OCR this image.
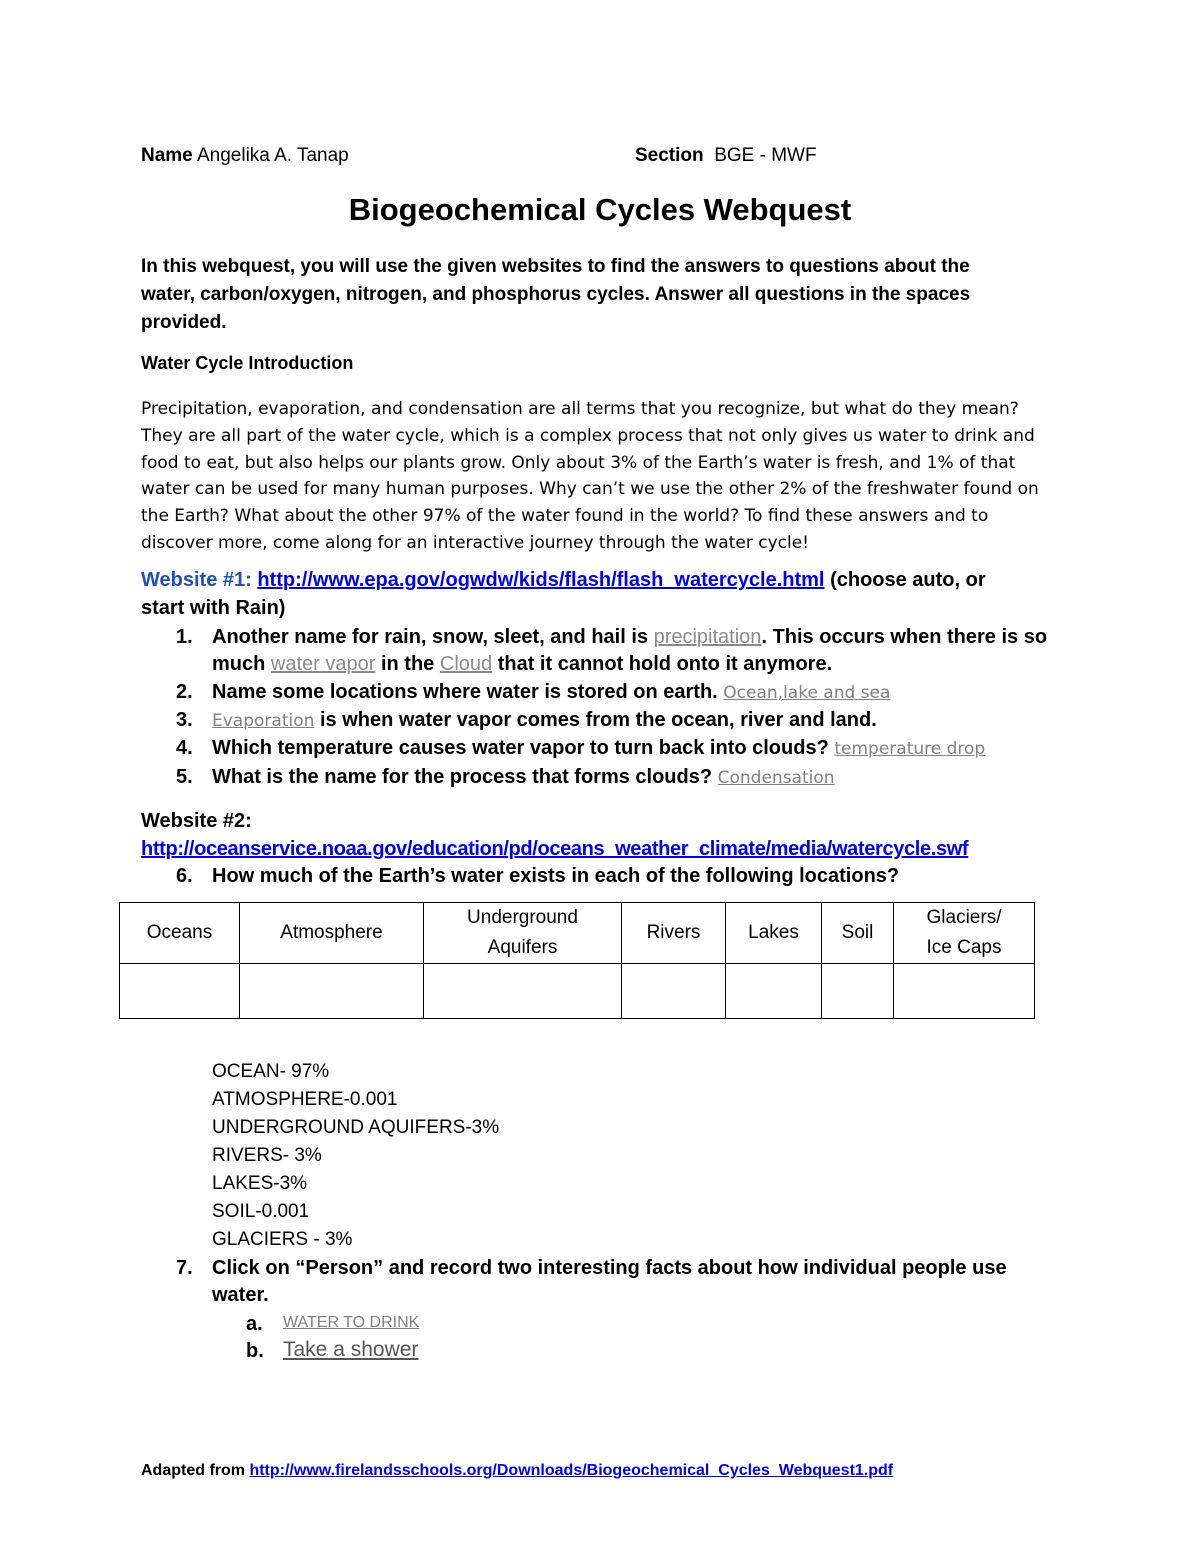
Name Angelika A. Tanap	Section BGE - MWF
Biogeochemical Cycles Webquest
In this webquest, you will use the given websites to find the answers to questions about the
water, carbon/oxygen, nitrogen, and phosphorus cycles. Answer all questions in the spaces
provided.
Water Cycle Introduction
Precipitation, evaporation, and condensation are all terms that you recognize, but what do they mean?
They are all part of the water cycle, which is a complex process that not only gives us water to drink and
food to eat, but also helps our plants grow. Only about 3% of the Earth’s water is fresh, and 1% of that
water can be used for many human purposes. Why can’t we use the other 2% of the freshwater found on
the Earth? What about the other 97% of the water found in the world? To find these answers and to
discover more, come along for an interactive journey through the water cycle!
Website #1: http://www.epa.gov/ogwdw/kids/flash/flash_watercycle.html (choose auto, or
start with Rain)
1. Another name for rain, snow, sleet, and hail is precipitation. This occurs when there is so
much water vapor in the Cloud that it cannot hold onto it anymore.
2. Name some locations where water is stored on earth. Ocean,lake and sea
3. Evaporation is when water vapor comes from the ocean, river and land.
4. Which temperature causes water vapor to turn back into clouds? temperature drop
5. What is the name for the process that forms clouds? Condensation
Website #2:
http://oceanservice.noaa.gov/education/pd/oceans_weather_climate/media/watercycle.swf
6. How much of the Earth’s water exists in each of the following locations?
Oceans	Atmosphere	Underground Aquifers	Rivers	Lakes	Soil	Glaciers/ Ice Caps

OCEAN- 97%
ATMOSPHERE-0.001
UNDERGROUND AQUIFERS-3%
RIVERS- 3%
LAKES-3%
SOIL-0.001
GLACIERS - 3%
7. Click on “Person” and record two interesting facts about how individual people use
water.
a. WATER TO DRINK
b. Take a shower
Adapted from http://www.firelandsschools.org/Downloads/Biogeochemical_Cycles_Webquest1.pdf
